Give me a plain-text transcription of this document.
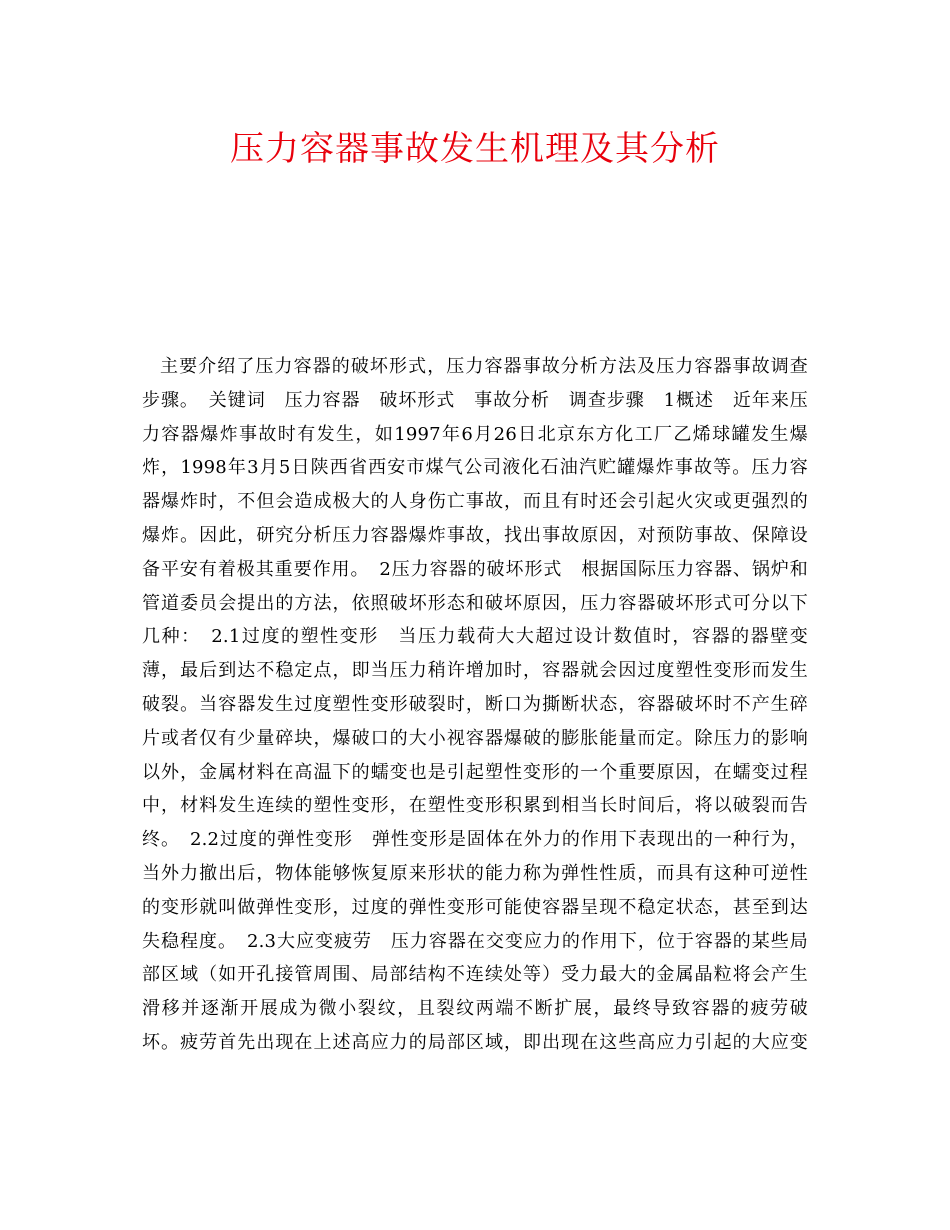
压力容器事故发生机理及其分析
主要介绍了压力容器的破坏形式，压力容器事故分析方法及压力容器事故调查
步骤。　关键词　压力容器　破坏形式　事故分析　调查步骤　1概述　近年来压
力容器爆炸事故时有发生，如1997年6月26日北京东方化工厂乙烯球罐发生爆
炸，1998年3月5日陕西省西安市煤气公司液化石油汽贮罐爆炸事故等。压力容
器爆炸时，不但会造成极大的人身伤亡事故，而且有时还会引起火灾或更强烈的
爆炸。因此，研究分析压力容器爆炸事故，找出事故原因，对预防事故、保障设
备平安有着极其重要作用。　2压力容器的破坏形式　根据国际压力容器、锅炉和
管道委员会提出的方法，依照破坏形态和破坏原因，压力容器破坏形式可分以下
几种：　2.1过度的塑性变形　当压力载荷大大超过设计数值时，容器的器壁变
薄，最后到达不稳定点，即当压力稍许增加时，容器就会因过度塑性变形而发生
破裂。当容器发生过度塑性变形破裂时，断口为撕断状态，容器破坏时不产生碎
片或者仅有少量碎块，爆破口的大小视容器爆破的膨胀能量而定。除压力的影响
以外，金属材料在高温下的蠕变也是引起塑性变形的一个重要原因，在蠕变过程
中，材料发生连续的塑性变形，在塑性变形积累到相当长时间后，将以破裂而告
终。　2.2过度的弹性变形　弹性变形是固体在外力的作用下表现出的一种行为，
当外力撤出后，物体能够恢复原来形状的能力称为弹性性质，而具有这种可逆性
的变形就叫做弹性变形，过度的弹性变形可能使容器呈现不稳定状态，甚至到达
失稳程度。　2.3大应变疲劳　压力容器在交变应力的作用下，位于容器的某些局
部区域（如开孔接管周围、局部结构不连续处等）受力最大的金属晶粒将会产生
滑移并逐渐开展成为微小裂纹，且裂纹两端不断扩展，最终导致容器的疲劳破
坏。疲劳首先出现在上述高应力的局部区域，即出现在这些高应力引起的大应变
